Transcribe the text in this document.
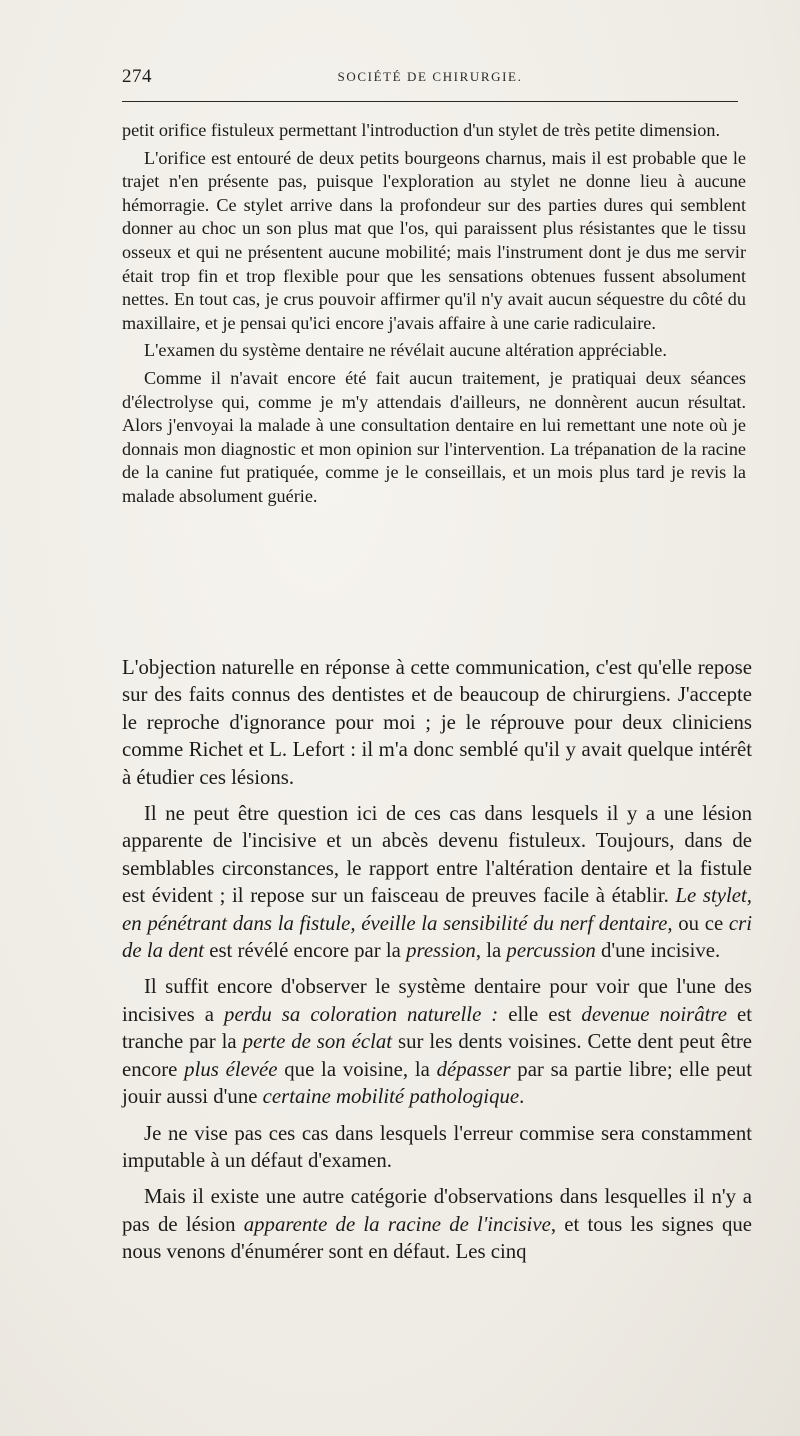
274	SOCIÉTÉ DE CHIRURGIE.

petit orifice fistuleux permettant l'introduction d'un stylet de très petite dimension.

L'orifice est entouré de deux petits bourgeons charnus, mais il est probable que le trajet n'en présente pas, puisque l'exploration au stylet ne donne lieu à aucune hémorragie. Ce stylet arrive dans la profondeur sur des parties dures qui semblent donner au choc un son plus mat que l'os, qui paraissent plus résistantes que le tissu osseux et qui ne présentent aucune mobilité; mais l'instrument dont je dus me servir était trop fin et trop flexible pour que les sensations obtenues fussent absolument nettes. En tout cas, je crus pouvoir affirmer qu'il n'y avait aucun séquestre du côté du maxillaire, et je pensai qu'ici encore j'avais affaire à une carie radiculaire.

L'examen du système dentaire ne révélait aucune altération appréciable.

Comme il n'avait encore été fait aucun traitement, je pratiquai deux séances d'électrolyse qui, comme je m'y attendais d'ailleurs, ne donnèrent aucun résultat. Alors j'envoyai la malade à une consultation dentaire en lui remettant une note où je donnais mon diagnostic et mon opinion sur l'intervention. La trépanation de la racine de la canine fut pratiquée, comme je le conseillais, et un mois plus tard je revis la malade absolument guérie.

L'objection naturelle en réponse à cette communication, c'est qu'elle repose sur des faits connus des dentistes et de beaucoup de chirurgiens. J'accepte le reproche d'ignorance pour moi ; je le réprouve pour deux cliniciens comme Richet et L. Lefort : il m'a donc semblé qu'il y avait quelque intérêt à étudier ces lésions.

Il ne peut être question ici de ces cas dans lesquels il y a une lésion apparente de l'incisive et un abcès devenu fistuleux. Toujours, dans de semblables circonstances, le rapport entre l'altération dentaire et la fistule est évident ; il repose sur un faisceau de preuves facile à établir. Le stylet, en pénétrant dans la fistule, éveille la sensibilité du nerf dentaire, ou ce cri de la dent est révélé encore par la pression, la percussion d'une incisive.

Il suffit encore d'observer le système dentaire pour voir que l'une des incisives a perdu sa coloration naturelle : elle est devenue noirâtre et tranche par la perte de son éclat sur les dents voisines. Cette dent peut être encore plus élevée que la voisine, la dépasser par sa partie libre; elle peut jouir aussi d'une certaine mobilité pathologique.

Je ne vise pas ces cas dans lesquels l'erreur commise sera constamment imputable à un défaut d'examen.

Mais il existe une autre catégorie d'observations dans lesquelles il n'y a pas de lésion apparente de la racine de l'incisive, et tous les signes que nous venons d'énumérer sont en défaut. Les cinq
